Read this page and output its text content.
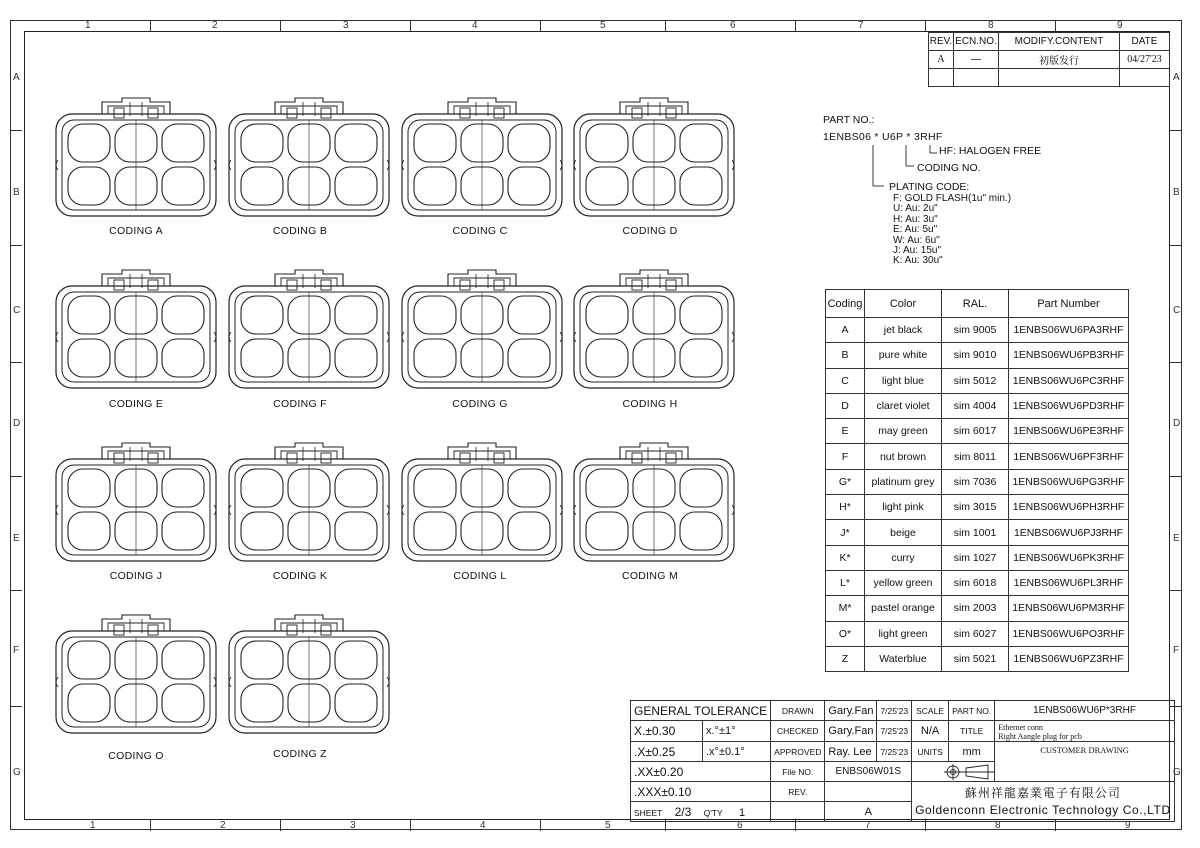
1	2	3	4	5	6	7	8	9
1	2	3	4	5	6	7	8	9
A	A
B	B
C	C
D	D
E	E
F	F
G	G
REV.	ECN.NO.	MODIFY.CONTENT	DATE
A	—	初版发行	04/27'23

CODING A	CODING B	CODING C	CODING D
CODING E	CODING F	CODING G	CODING H
CODING J	CODING K	CODING L	CODING M
CODING O	CODING Z
PART NO.:
1ENBS06 * U6P * 3RHF
HF: HALOGEN FREE
CODING NO.
PLATING CODE:
F: GOLD FLASH(1u" min.)
U: Au: 2u"
H: Au: 3u"
E: Au: 5u"
W: Au: 6u"
J: Au: 15u"
K: Au: 30u"
Coding	Color	RAL.	Part Number
A	jet black	sim 9005	1ENBS06WU6PA3RHF
B	pure white	sim 9010	1ENBS06WU6PB3RHF
C	light blue	sim 5012	1ENBS06WU6PC3RHF
D	claret violet	sim 4004	1ENBS06WU6PD3RHF
E	may green	sim 6017	1ENBS06WU6PE3RHF
F	nut brown	sim 8011	1ENBS06WU6PF3RHF
G*	platinum grey	sim 7036	1ENBS06WU6PG3RHF
H*	light pink	sim 3015	1ENBS06WU6PH3RHF
J*	beige	sim 1001	1ENBS06WU6PJ3RHF
K*	curry	sim 1027	1ENBS06WU6PK3RHF
L*	yellow green	sim 6018	1ENBS06WU6PL3RHF
M*	pastel orange	sim 2003	1ENBS06WU6PM3RHF
O*	light green	sim 6027	1ENBS06WU6PO3RHF
Z	Waterblue	sim 5021	1ENBS06WU6PZ3RHF
GENERAL TOLERANCE		DRAWN	Gary.Fan	7/25'23	SCALE	PART NO.	1ENBS06WU6P*3RHF
X.±0.30	x.°±1°	CHECKED	Gary.Fan	7/25'23	N/A	TITLE	Ethernet conn
Right Aangle plug for pcb

.X±0.25	.x°±0.1°	APPROVED	Ray. Lee	7/25'23	UNITS	mm	CUSTOMER DRAWING
.XX±0.20		File NO.	ENBS06W01S				
.XXX±0.10		REV.			蘇州祥龍嘉業電子有限公司
Goldenconn Electronic Technology Co.,LTD		

SHEET 2/3 Q'TY 1			A				
